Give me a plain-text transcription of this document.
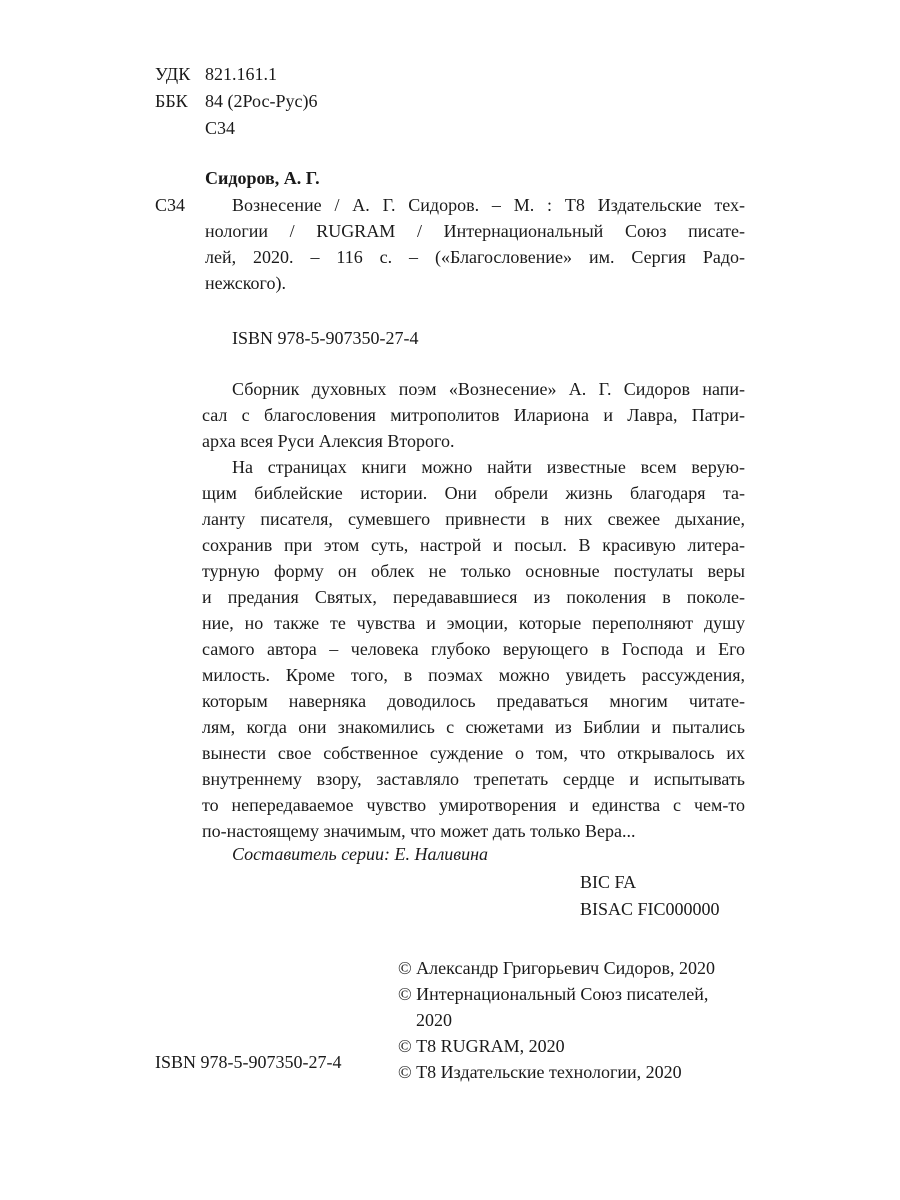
УДК 821.161.1
ББК 84 (2Рос-Рус)6
С34
Сидоров, А. Г.
С34	Вознесение / А. Г. Сидоров. – М. : Т8 Издательские тех-
нологии / RUGRAM / Интернациональный Союз писате-
лей, 2020. – 116 с. – («Благословение» им. Сергия Радо-
нежского).
ISBN 978-5-907350-27-4
Сборник духовных поэм «Вознесение» А. Г. Сидоров напи-
сал с благословения митрополитов Илариона и Лавра, Патри-
арха всея Руси Алексия Второго.
На страницах книги можно найти известные всем верую-
щим библейские истории. Они обрели жизнь благодаря та-
ланту писателя, сумевшего привнести в них свежее дыхание,
сохранив при этом суть, настрой и посыл. В красивую литера-
турную форму он облек не только основные постулаты веры
и предания Святых, передававшиеся из поколения в поколе-
ние, но также те чувства и эмоции, которые переполняют душу
самого автора – человека глубоко верующего в Господа и Его
милость. Кроме того, в поэмах можно увидеть рассуждения,
которым наверняка доводилось предаваться многим читате-
лям, когда они знакомились с сюжетами из Библии и пытались
вынести свое собственное суждение о том, что открывалось их
внутреннему взору, заставляло трепетать сердце и испытывать
то непередаваемое чувство умиротворения и единства с чем-то
по-настоящему значимым, что может дать только Вера...
Составитель серии: Е. Наливина
BIC FA
BISAC FIC000000
© Александр Григорьевич Сидоров, 2020
© Интернациональный Союз писателей,
2020
© Т8 RUGRAM, 2020
© Т8 Издательские технологии, 2020
ISBN 978-5-907350-27-4
